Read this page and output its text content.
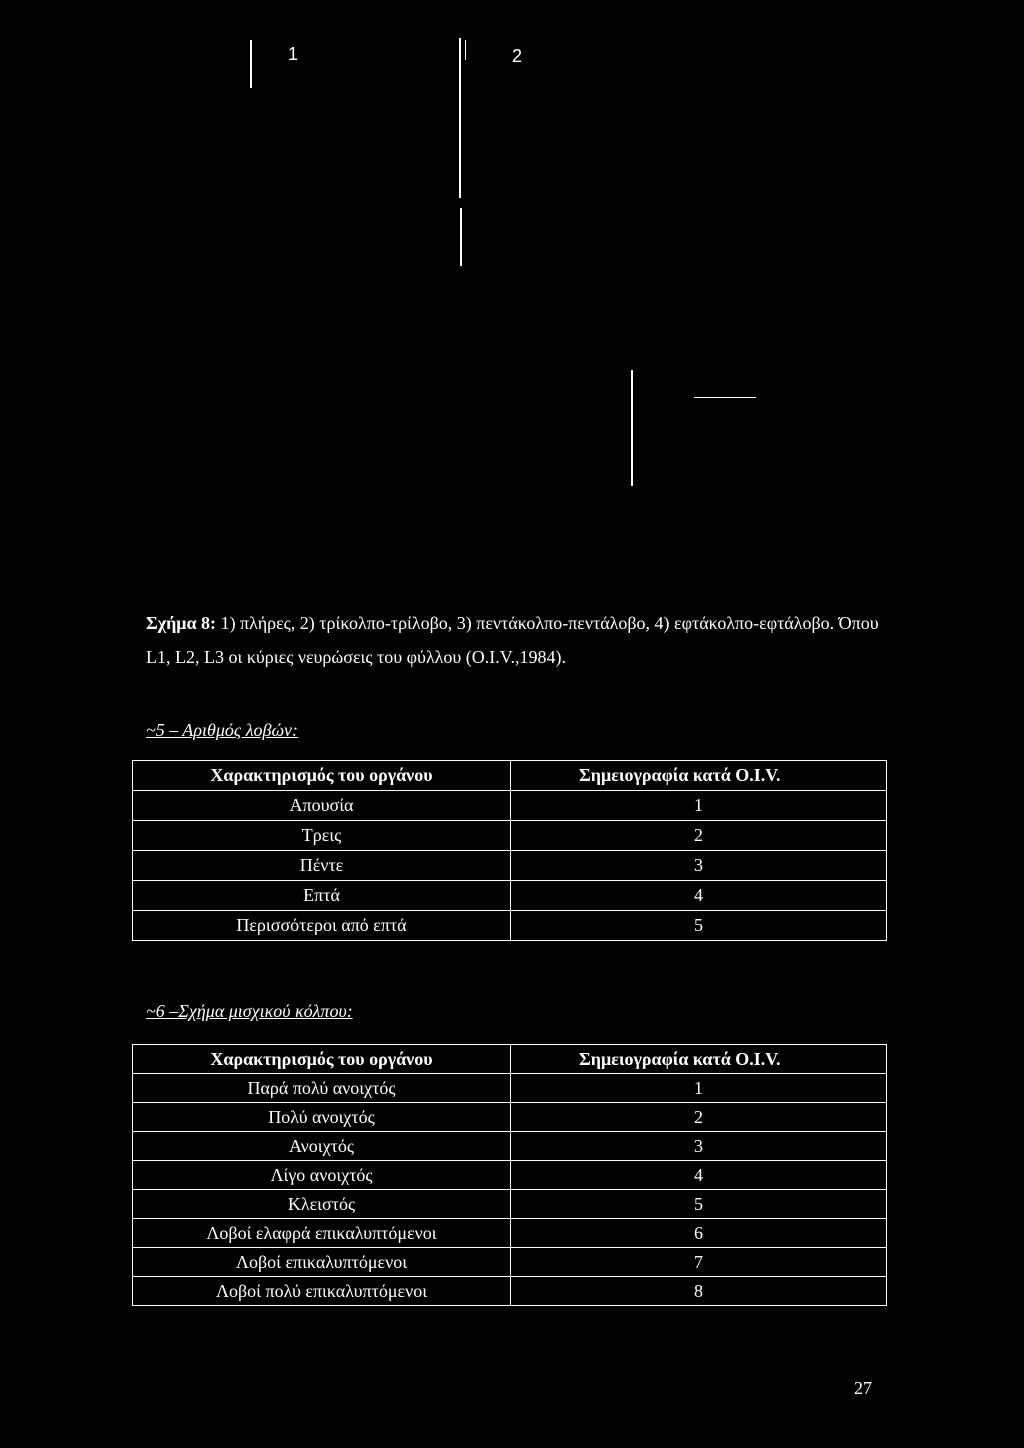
1	2

Σχήμα 8: 1) πλήρες, 2) τρίκολπο-τρίλοβο, 3) πεντάκολπο-πεντάλοβο, 4) εφτάκολπο-εφτάλοβο. Όπου L1, L2, L3 οι κύριες νευρώσεις του φύλλου (O.I.V.,1984).

~5 – Αριθμός λοβών:
Χαρακτηρισμός του οργάνου	Σημειογραφία κατά O.I.V.
Απουσία	1
Τρεις	2
Πέντε	3
Επτά	4
Περισσότεροι από επτά	5
~6 –Σχήμα μισχικού κόλπου:
Χαρακτηρισμός του οργάνου	Σημειογραφία κατά O.I.V.
Παρά πολύ ανοιχτός	1
Πολύ ανοιχτός	2
Ανοιχτός	3
Λίγο ανοιχτός	4
Κλειστός	5
Λοβοί ελαφρά επικαλυπτόμενοι	6
Λοβοί επικαλυπτόμενοι	7
Λοβοί πολύ επικαλυπτόμενοι	8
27
